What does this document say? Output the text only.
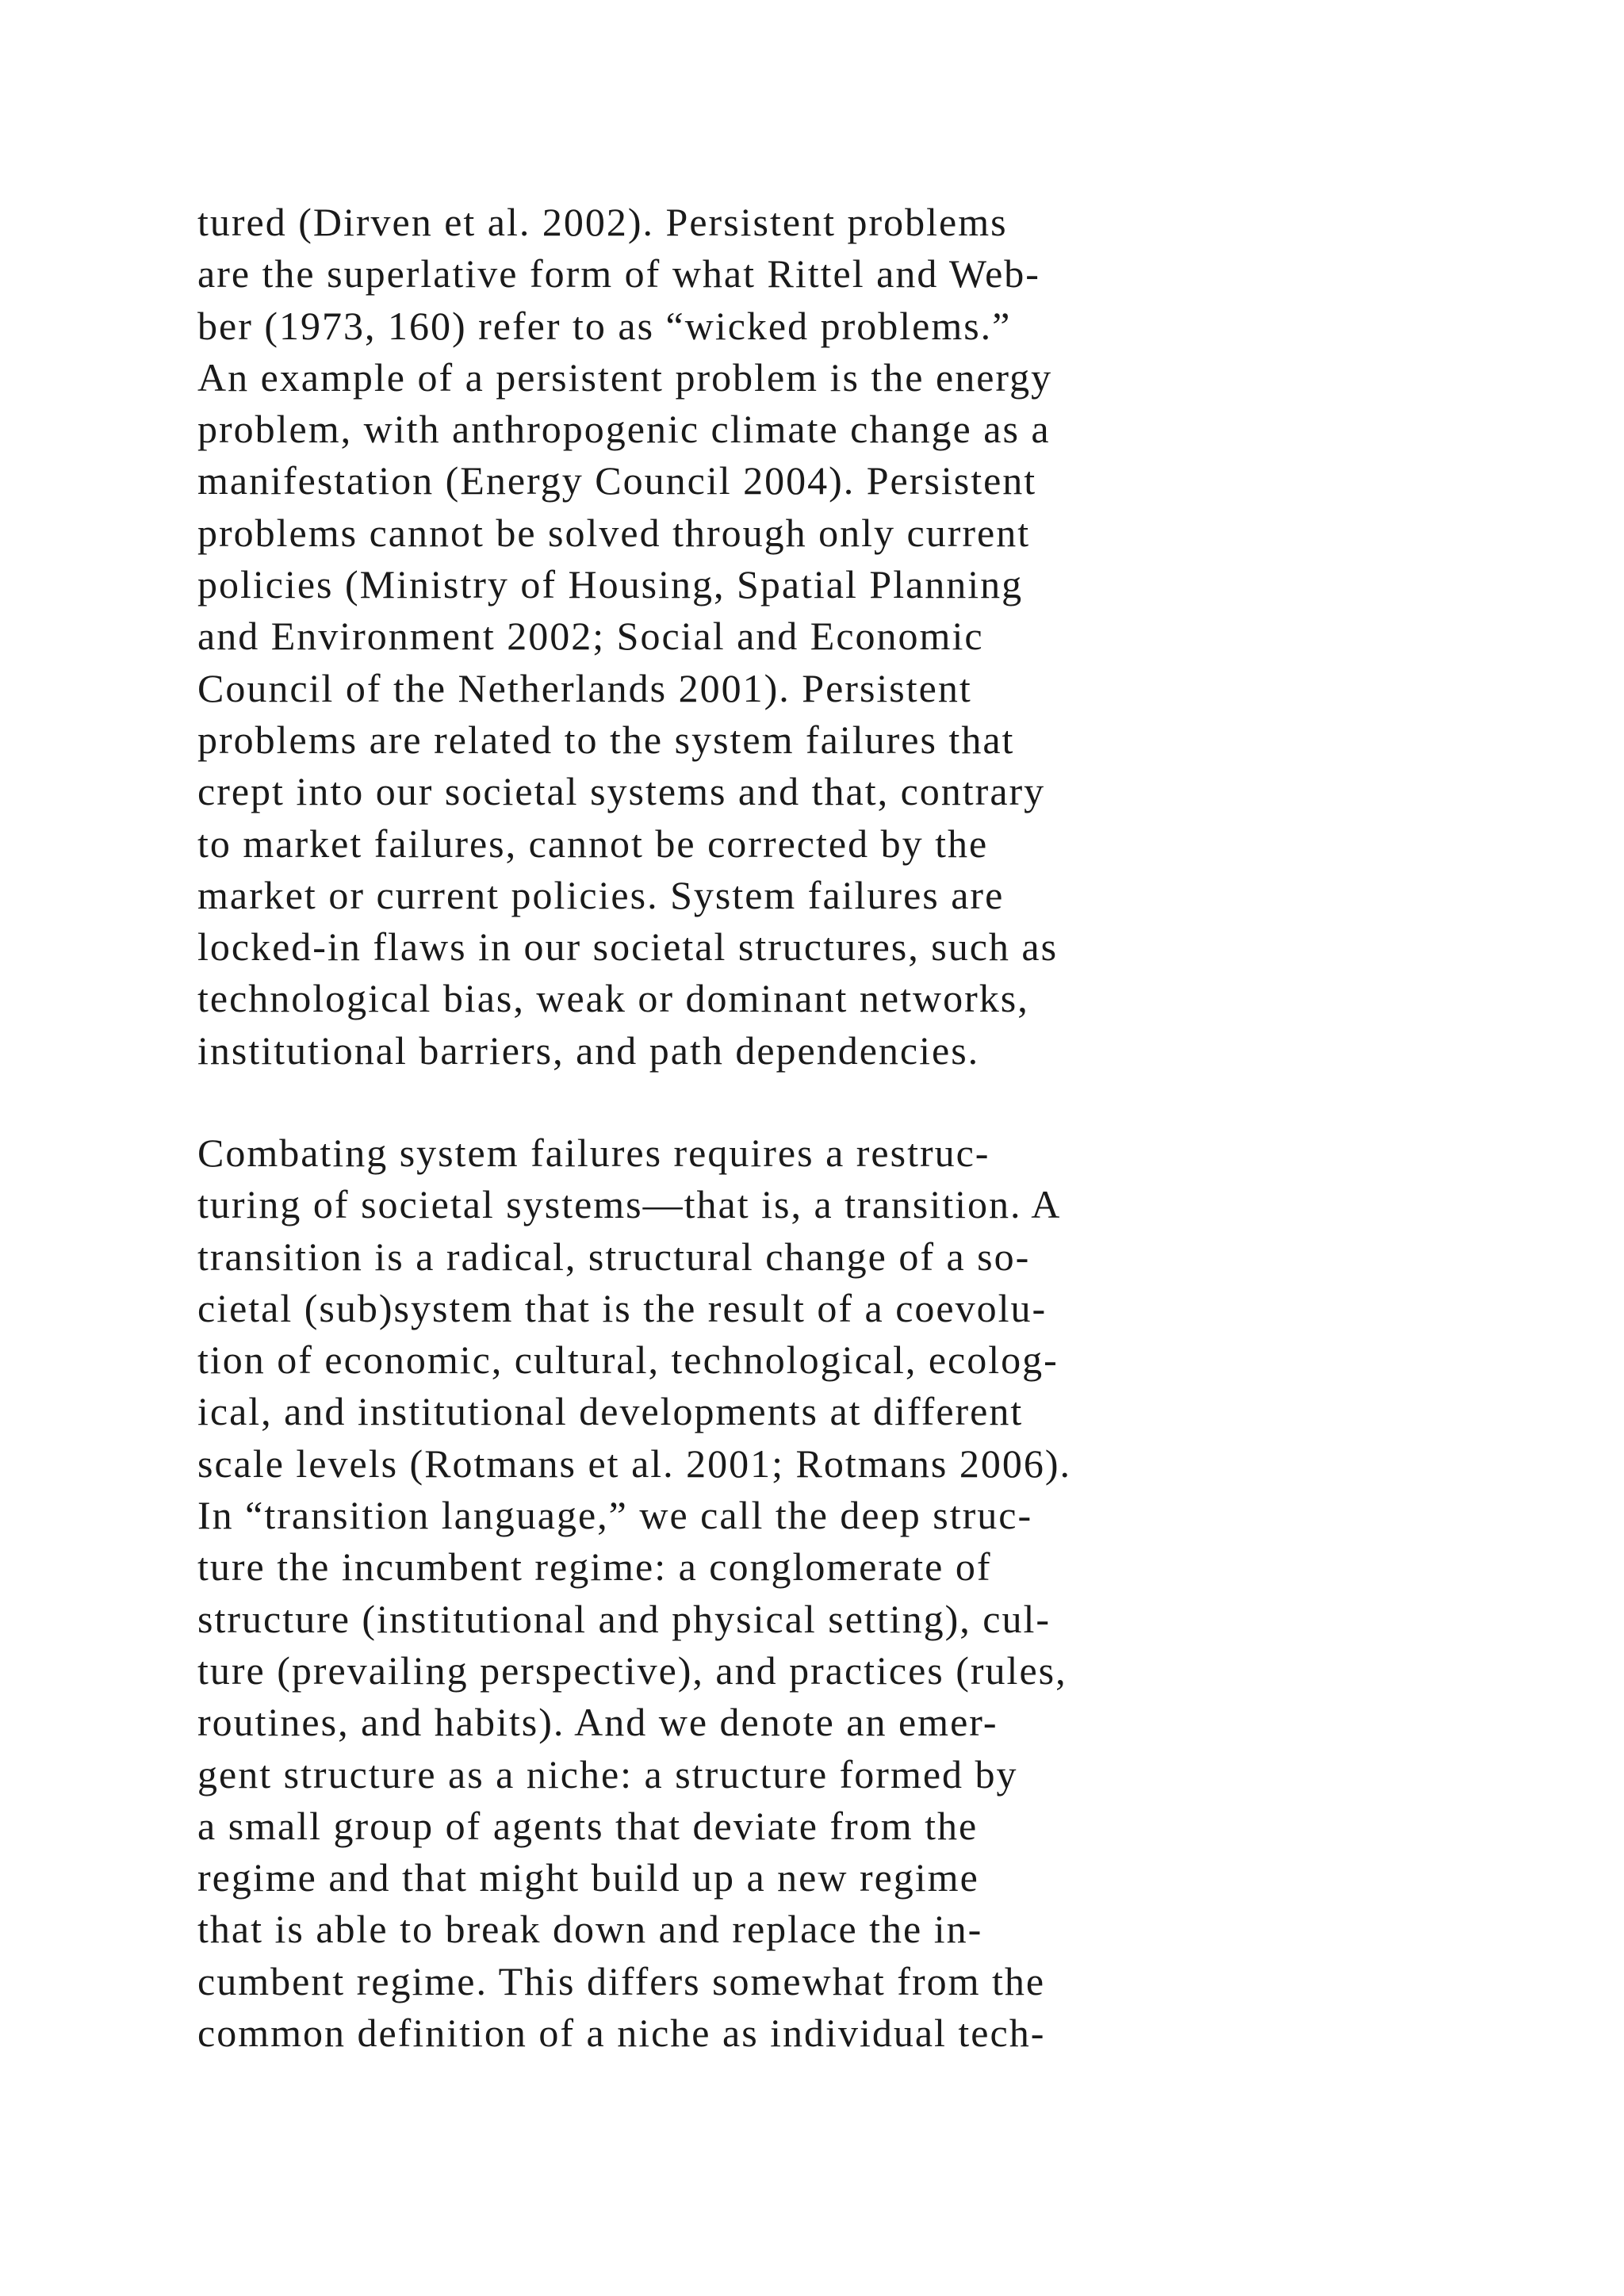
tured (Dirven et al. 2002). Persistent problems
are the superlative form of what Rittel and Web-
ber (1973, 160) refer to as “wicked problems.”
An example of a persistent problem is the energy
problem, with anthropogenic climate change as a
manifestation (Energy Council 2004). Persistent
problems cannot be solved through only current
policies (Ministry of Housing, Spatial Planning
and Environment 2002; Social and Economic
Council of the Netherlands 2001). Persistent
problems are related to the system failures that
crept into our societal systems and that, contrary
to market failures, cannot be corrected by the
market or current policies. System failures are
locked-in flaws in our societal structures, such as
technological bias, weak or dominant networks,
institutional barriers, and path dependencies.
Combating system failures requires a restruc-
turing of societal systems—that is, a transition. A
transition is a radical, structural change of a so-
cietal (sub)system that is the result of a coevolu-
tion of economic, cultural, technological, ecolog-
ical, and institutional developments at different
scale levels (Rotmans et al. 2001; Rotmans 2006).
In “transition language,” we call the deep struc-
ture the incumbent regime: a conglomerate of
structure (institutional and physical setting), cul-
ture (prevailing perspective), and practices (rules,
routines, and habits). And we denote an emer-
gent structure as a niche: a structure formed by
a small group of agents that deviate from the
regime and that might build up a new regime
that is able to break down and replace the in-
cumbent regime. This differs somewhat from the
common definition of a niche as individual tech-
